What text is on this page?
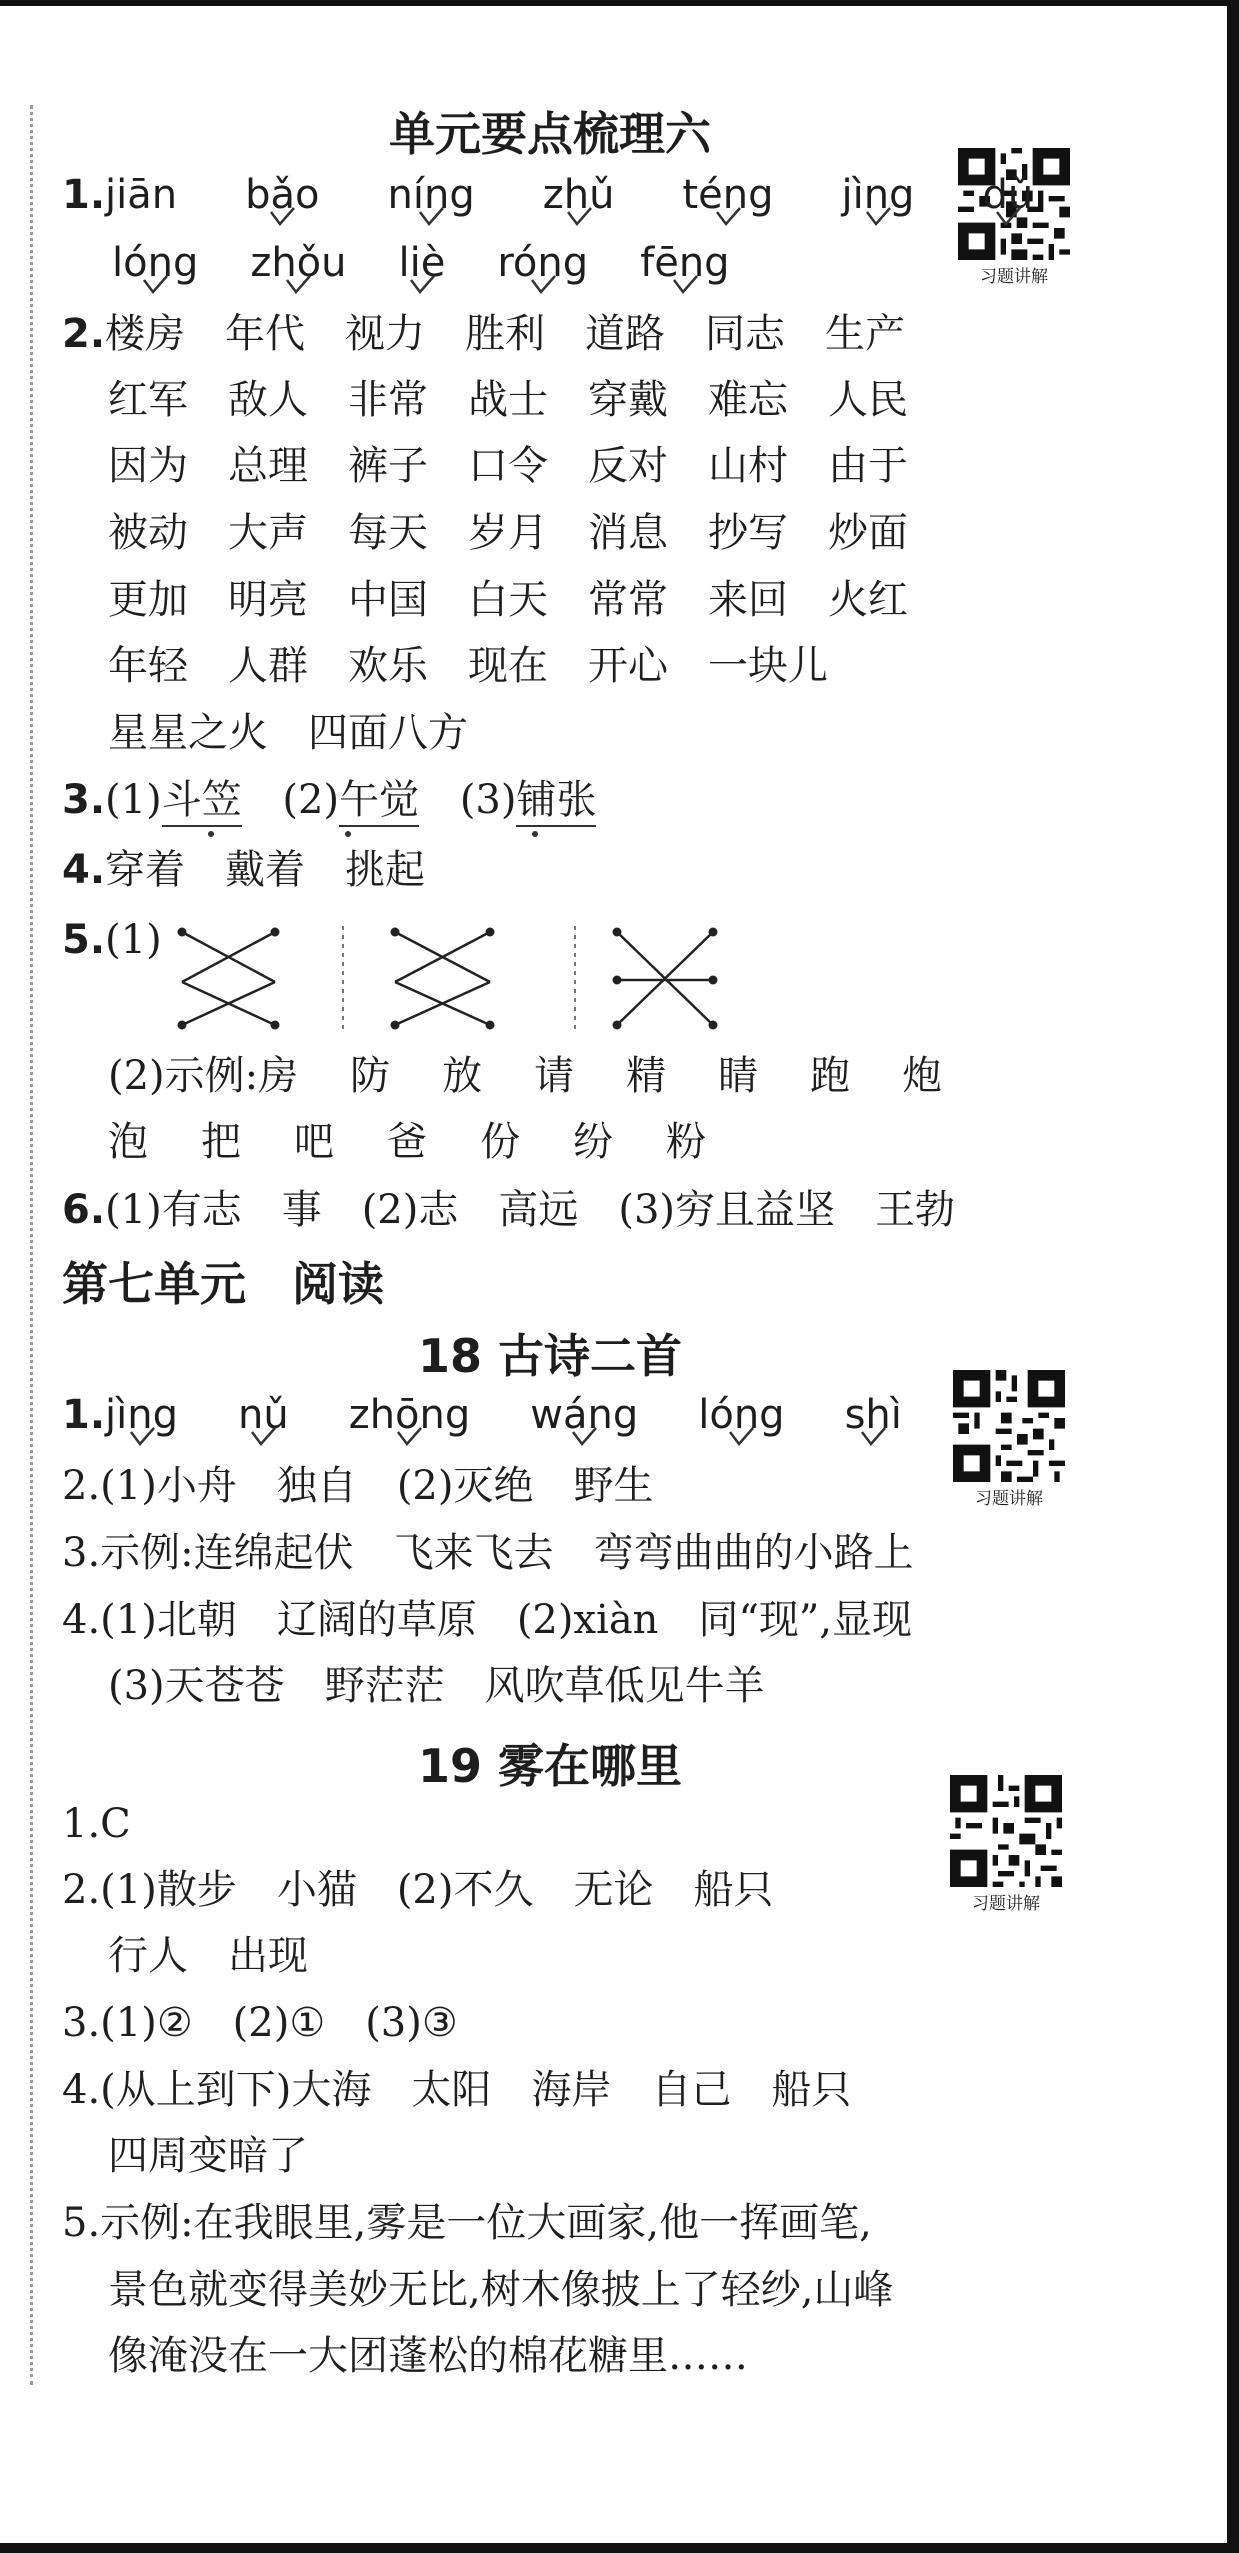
单元要点梳理六
习题讲解
1.jiān bǎo níng zhǔ téng jìng dǔ
lóng zhǒu liè róng fēng
2.楼房 年代 视力 胜利 道路 同志 生产
红军 敌人 非常 战士 穿戴 难忘 人民
因为 总理 裤子 口令 反对 山村 由于
被动 大声 每天 岁月 消息 抄写 炒面
更加 明亮 中国 白天 常常 来回 火红
年轻 人群 欢乐 现在 开心 一块儿
星星之火 四面八方
3.(1)斗笠 (2)午觉 (3)铺张
4.穿着 戴着 挑起
5.(1)
(2)示例:房 防 放 请 精 睛 跑 炮
泡 把 吧 爸 份 纷 粉
6.(1)有志　事　(2)志　高远　(3)穷且益坚　王勃
第七单元　阅读
18 古诗二首
习题讲解
1.jìng nǔ zhōng wáng lóng shì
2.(1)小舟　独自　(2)灭绝　野生
3.示例:连绵起伏　飞来飞去　弯弯曲曲的小路上
4.(1)北朝　辽阔的草原　(2)xiàn　同“现”,显现
(3)天苍苍　野茫茫　风吹草低见牛羊
19 雾在哪里
习题讲解
1.C
2.(1)散步　小猫　(2)不久　无论　船只
行人　出现
3.(1)②　(2)①　(3)③
4.(从上到下)大海　太阳　海岸　自己　船只
四周变暗了
5.示例:在我眼里,雾是一位大画家,他一挥画笔,
景色就变得美妙无比,树木像披上了轻纱,山峰
像淹没在一大团蓬松的棉花糖里……
